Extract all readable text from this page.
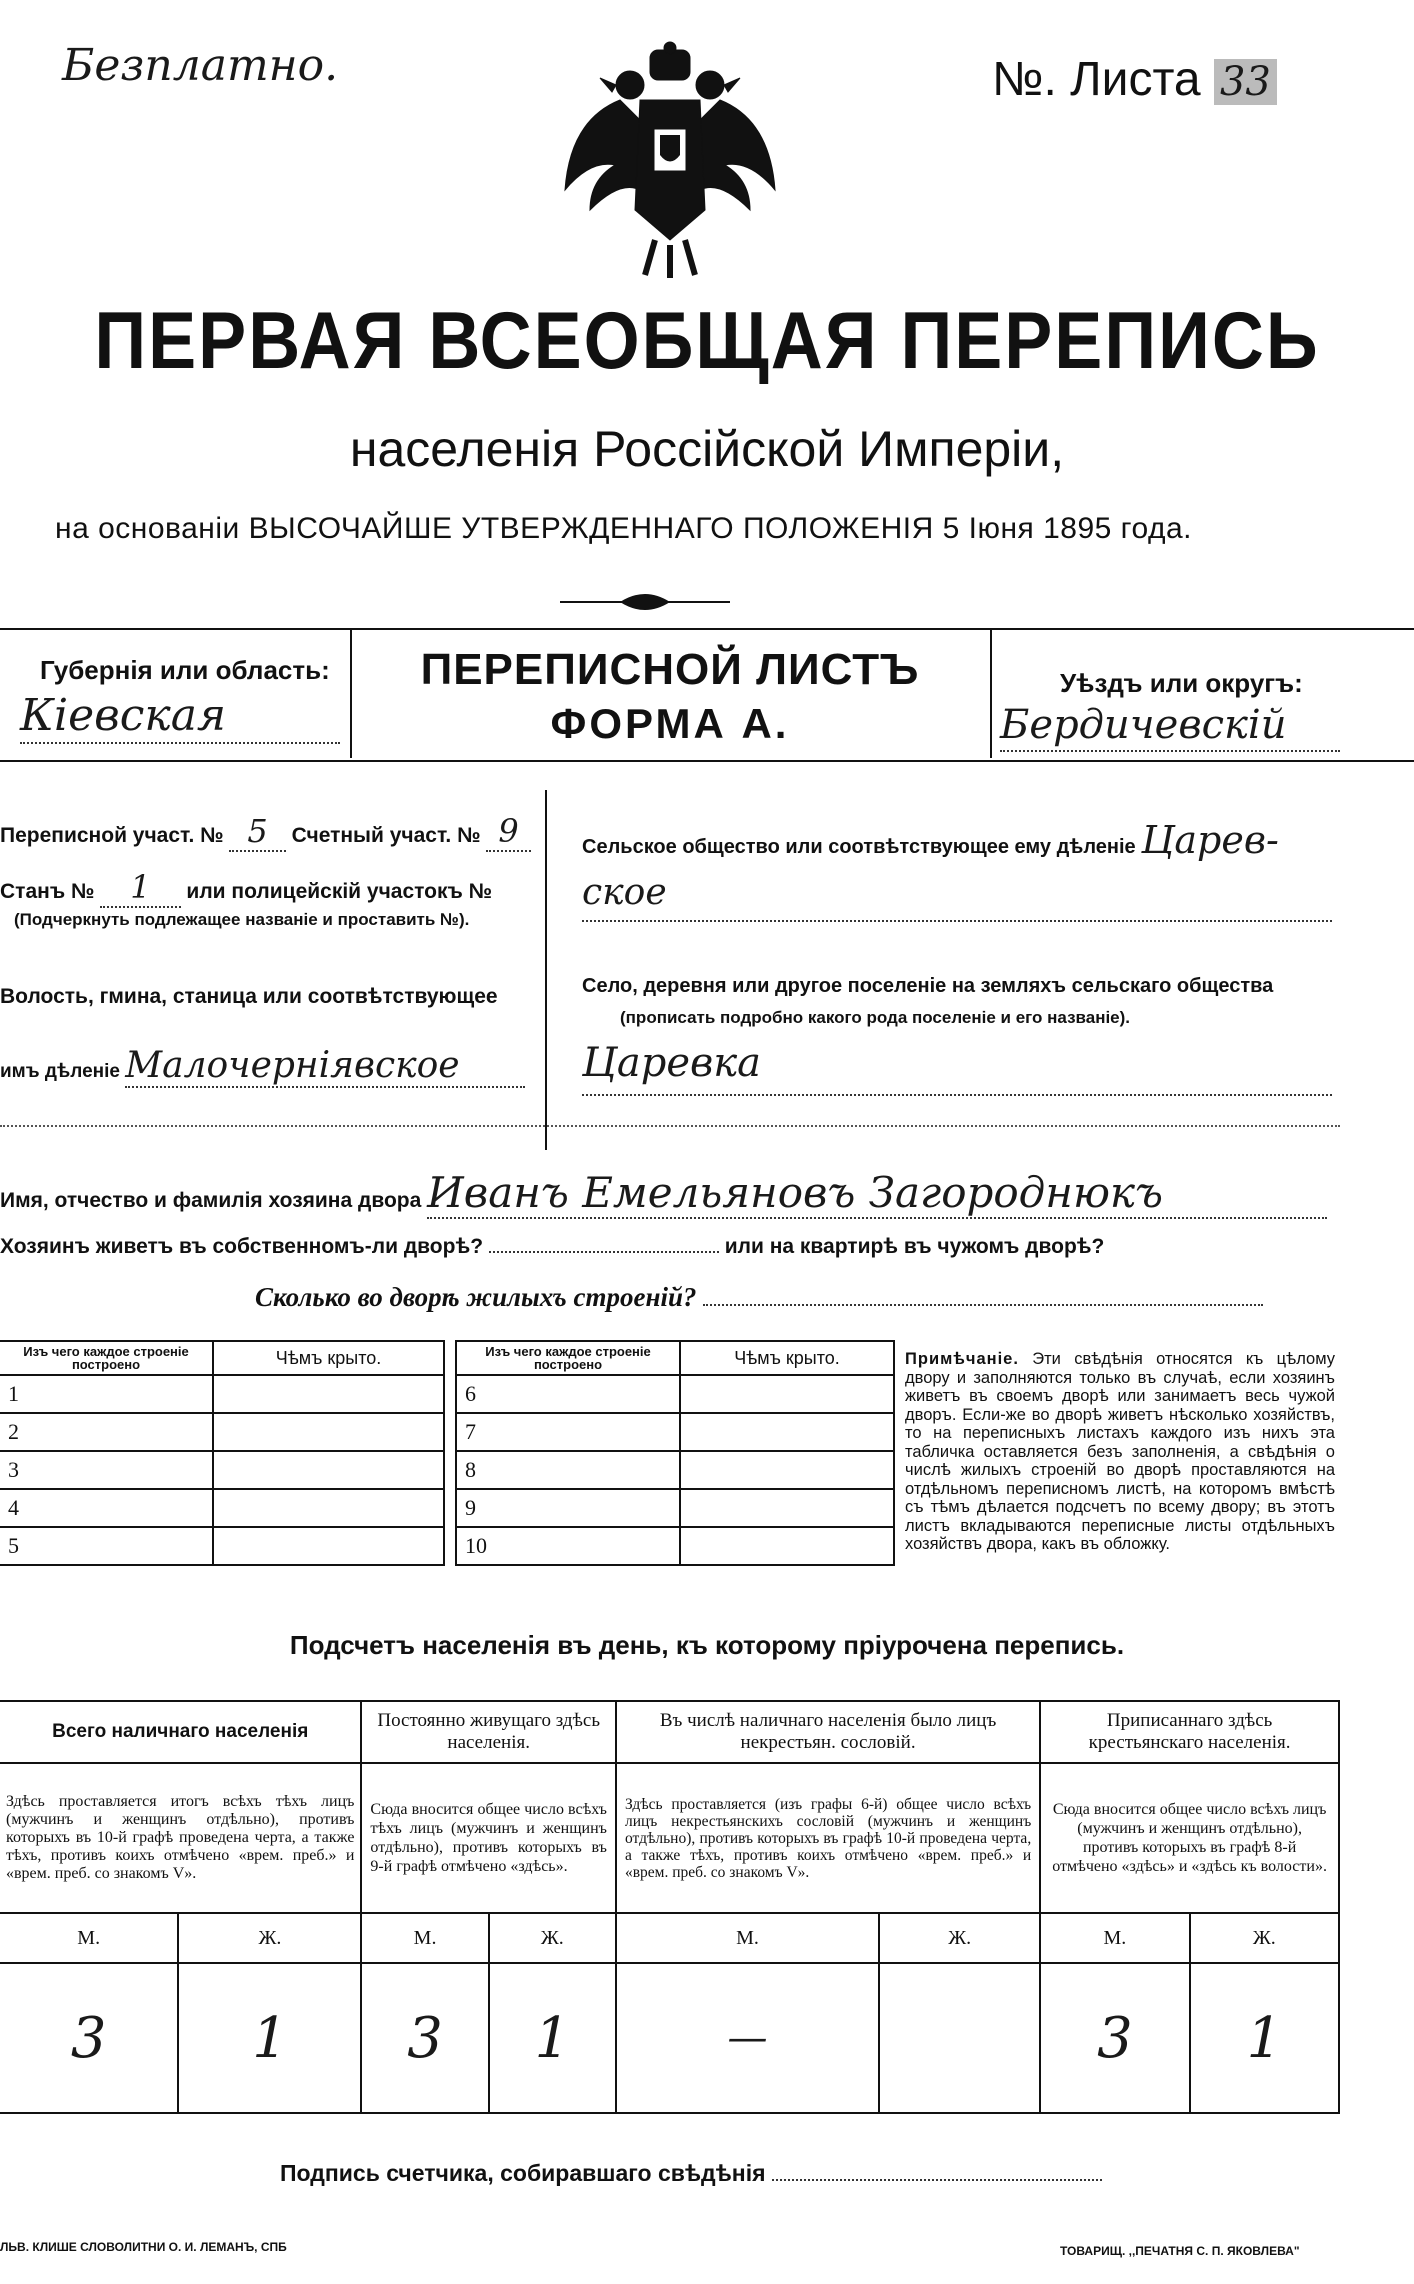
Безплатно.	№. Листа 33
ПЕРВАЯ ВСЕОБЩАЯ ПЕРЕПИСЬ
населенія Россійской Имперіи,
на основаніи ВЫСОЧАЙШЕ УТВЕРЖДЕННАГО ПОЛОЖЕНІЯ 5 Іюня 1895 года.
Губернія или область:
Кіевская
ПЕРЕПИСНОЙ ЛИСТЪ
ФОРМА А.
Уѣздъ или округъ:
Бердичевскій
Переписной участ. № 5 Счетный участ. № 9
Станъ № 1 или полицейскій участокъ №
(Подчеркнуть подлежащее названіе и проставить №).
Волость, гмина, станица или соотвѣтствующее
имъ дѣленіе Малочерніявское
Сельское общество или соотвѣтствующее ему дѣленіе Царев-
ское
Село, деревня или другое поселеніе на земляхъ сельскаго общества
(прописать подробно какого рода поселеніе и его названіе).
Царевка
Имя, отчество и фамилія хозяина двора Иванъ Емельяновъ Загороднюкъ
Хозяинъ живетъ въ собственномъ-ли дворѣ?	или на квартирѣ въ чужомъ дворѣ?
Сколько во дворѣ жилыхъ строеній?
Изъ чего каждое строеніе построено	Чѣмъ крыто.
1	
2	
3	
4	
5	
Изъ чего каждое строеніе построено	Чѣмъ крыто.
6	
7	
8	
9	
10	
Примѣчаніе. Эти свѣдѣнія относятся къ цѣлому двору и заполняются только въ случаѣ, если хозяинъ живетъ въ своемъ дворѣ или занимаетъ весь чужой дворъ. Если-же во дворѣ живетъ нѣсколько хозяйствъ, то на переписныхъ листахъ каждого изъ нихъ эта табличка оставляется безъ заполненія, а свѣдѣнія о числѣ жилыхъ строеній во дворѣ проставляются на отдѣльномъ переписномъ листѣ, на которомъ вмѣстѣ съ тѣмъ дѣлается подсчетъ по всему двору; въ этотъ листъ вкладываются переписные листы отдѣльныхъ хозяйствъ двора, какъ въ обложку.
Подсчетъ населенія въ день, къ которому пріурочена перепись.
Всего наличнаго населенія		Постоянно живущаго здѣсь населенія.		Въ числѣ наличнаго населенія было лицъ некрестьян. сословій.		Приписаннаго здѣсь крестьянскаго населенія.	
Здѣсь проставляется итогъ всѣхъ тѣхъ лицъ (мужчинъ и женщинъ отдѣльно), противъ которыхъ въ 10-й графѣ проведена черта, а также тѣхъ, противъ коихъ отмѣчено «врем. преб.» и «врем. преб. со знакомъ V».		Сюда вносится общее число всѣхъ тѣхъ лицъ (мужчинъ и женщинъ отдѣльно), противъ которыхъ въ 9-й графѣ отмѣчено «здѣсь».		Здѣсь проставляется (изъ графы 6-й) общее число всѣхъ лицъ некрестьянскихъ сословій (мужчинъ и женщинъ отдѣльно), противъ которыхъ въ графѣ 10-й проведена черта, а также тѣхъ, противъ коихъ отмѣчено «врем. преб.» и «врем. преб. со знакомъ V».		Сюда вносится общее число всѣхъ лицъ (мужчинъ и женщинъ отдѣльно), противъ которыхъ въ графѣ 8-й отмѣчено «здѣсь» и «здѣсь къ волости».	
М.	Ж.	М.	Ж.	М.	Ж.	М.	Ж.
3	1	3	1	—		3	1
Подпись счетчика, собиравшаго свѣдѣнія
ЛЬВ. КЛИШЕ СЛОВОЛИТНИ О. И. ЛЕМАНЪ, СПБ	ТОВАРИЩ. ,,ПЕЧАТНЯ С. П. ЯКОВЛЕВА"
